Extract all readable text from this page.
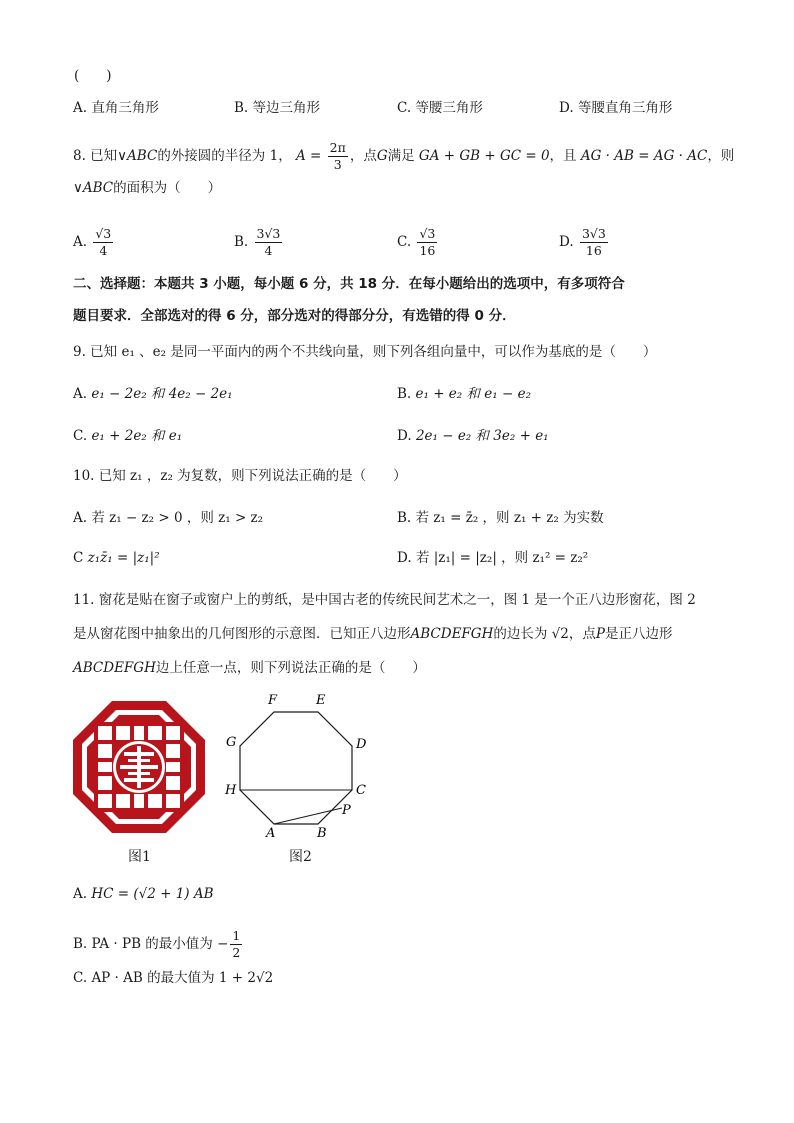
(　　)
A. 直角三角形	B. 等边三角形	C. 等腰三角形	D. 等腰直角三角形
8. 已知∨ABC的外接圆的半径为 1， $A = \frac{2\pi}{3}$ ，点G满足 GA + GB + GC = 0，且 AG · AB = AG · AC，则
∨ABC的面积为（　　）
A. $\frac{√3}{4}$	B. $\frac{3√3}{4}$	C. $\frac{√3}{16}$	D. $\frac{3√3}{16}$
二、选择题：本题共 3 小题，每小题 6 分，共 18 分．在每小题给出的选项中，有多项符合
题目要求．全部选对的得 6 分，部分选对的得部分分，有选错的得 0 分．
9. 已知 e₁ 、e₂ 是同一平面内的两个不共线向量，则下列各组向量中，可以作为基底的是（　　）
A. e₁ − 2e₂ 和 4e₂ − 2e₁	B. e₁ + e₂ 和 e₁ − e₂
C. e₁ + 2e₂ 和 e₁	D. 2e₁ − e₂ 和 3e₂ + e₁
10. 已知 z₁ ，z₂ 为复数，则下列说法正确的是（　　）
A. 若 z₁ − z₂ > 0 ，则 z₁ > z₂	B. 若 z₁ = z̄₂ ，则 z₁ + z₂ 为实数
C z₁z̄₁ = |z₁|²	D. 若 |z₁| = |z₂| ，则 z₁² = z₂²
11. 窗花是贴在窗子或窗户上的剪纸，是中国古老的传统民间艺术之一，图 1 是一个正八边形窗花，图 2
是从窗花图中抽象出的几何图形的示意图．已知正八边形ABCDEFGH的边长为 √2，点P是正八边形
ABCDEFGH边上任意一点，则下列说法正确的是（　　）
F	E
G	D
H	C
P
A	B
图1	图2
A. HC = (√2 + 1) AB
B. PA · PB 的最小值为 − $\frac{1}{2}$
C. AP · AB 的最大值为 1 + 2√2
